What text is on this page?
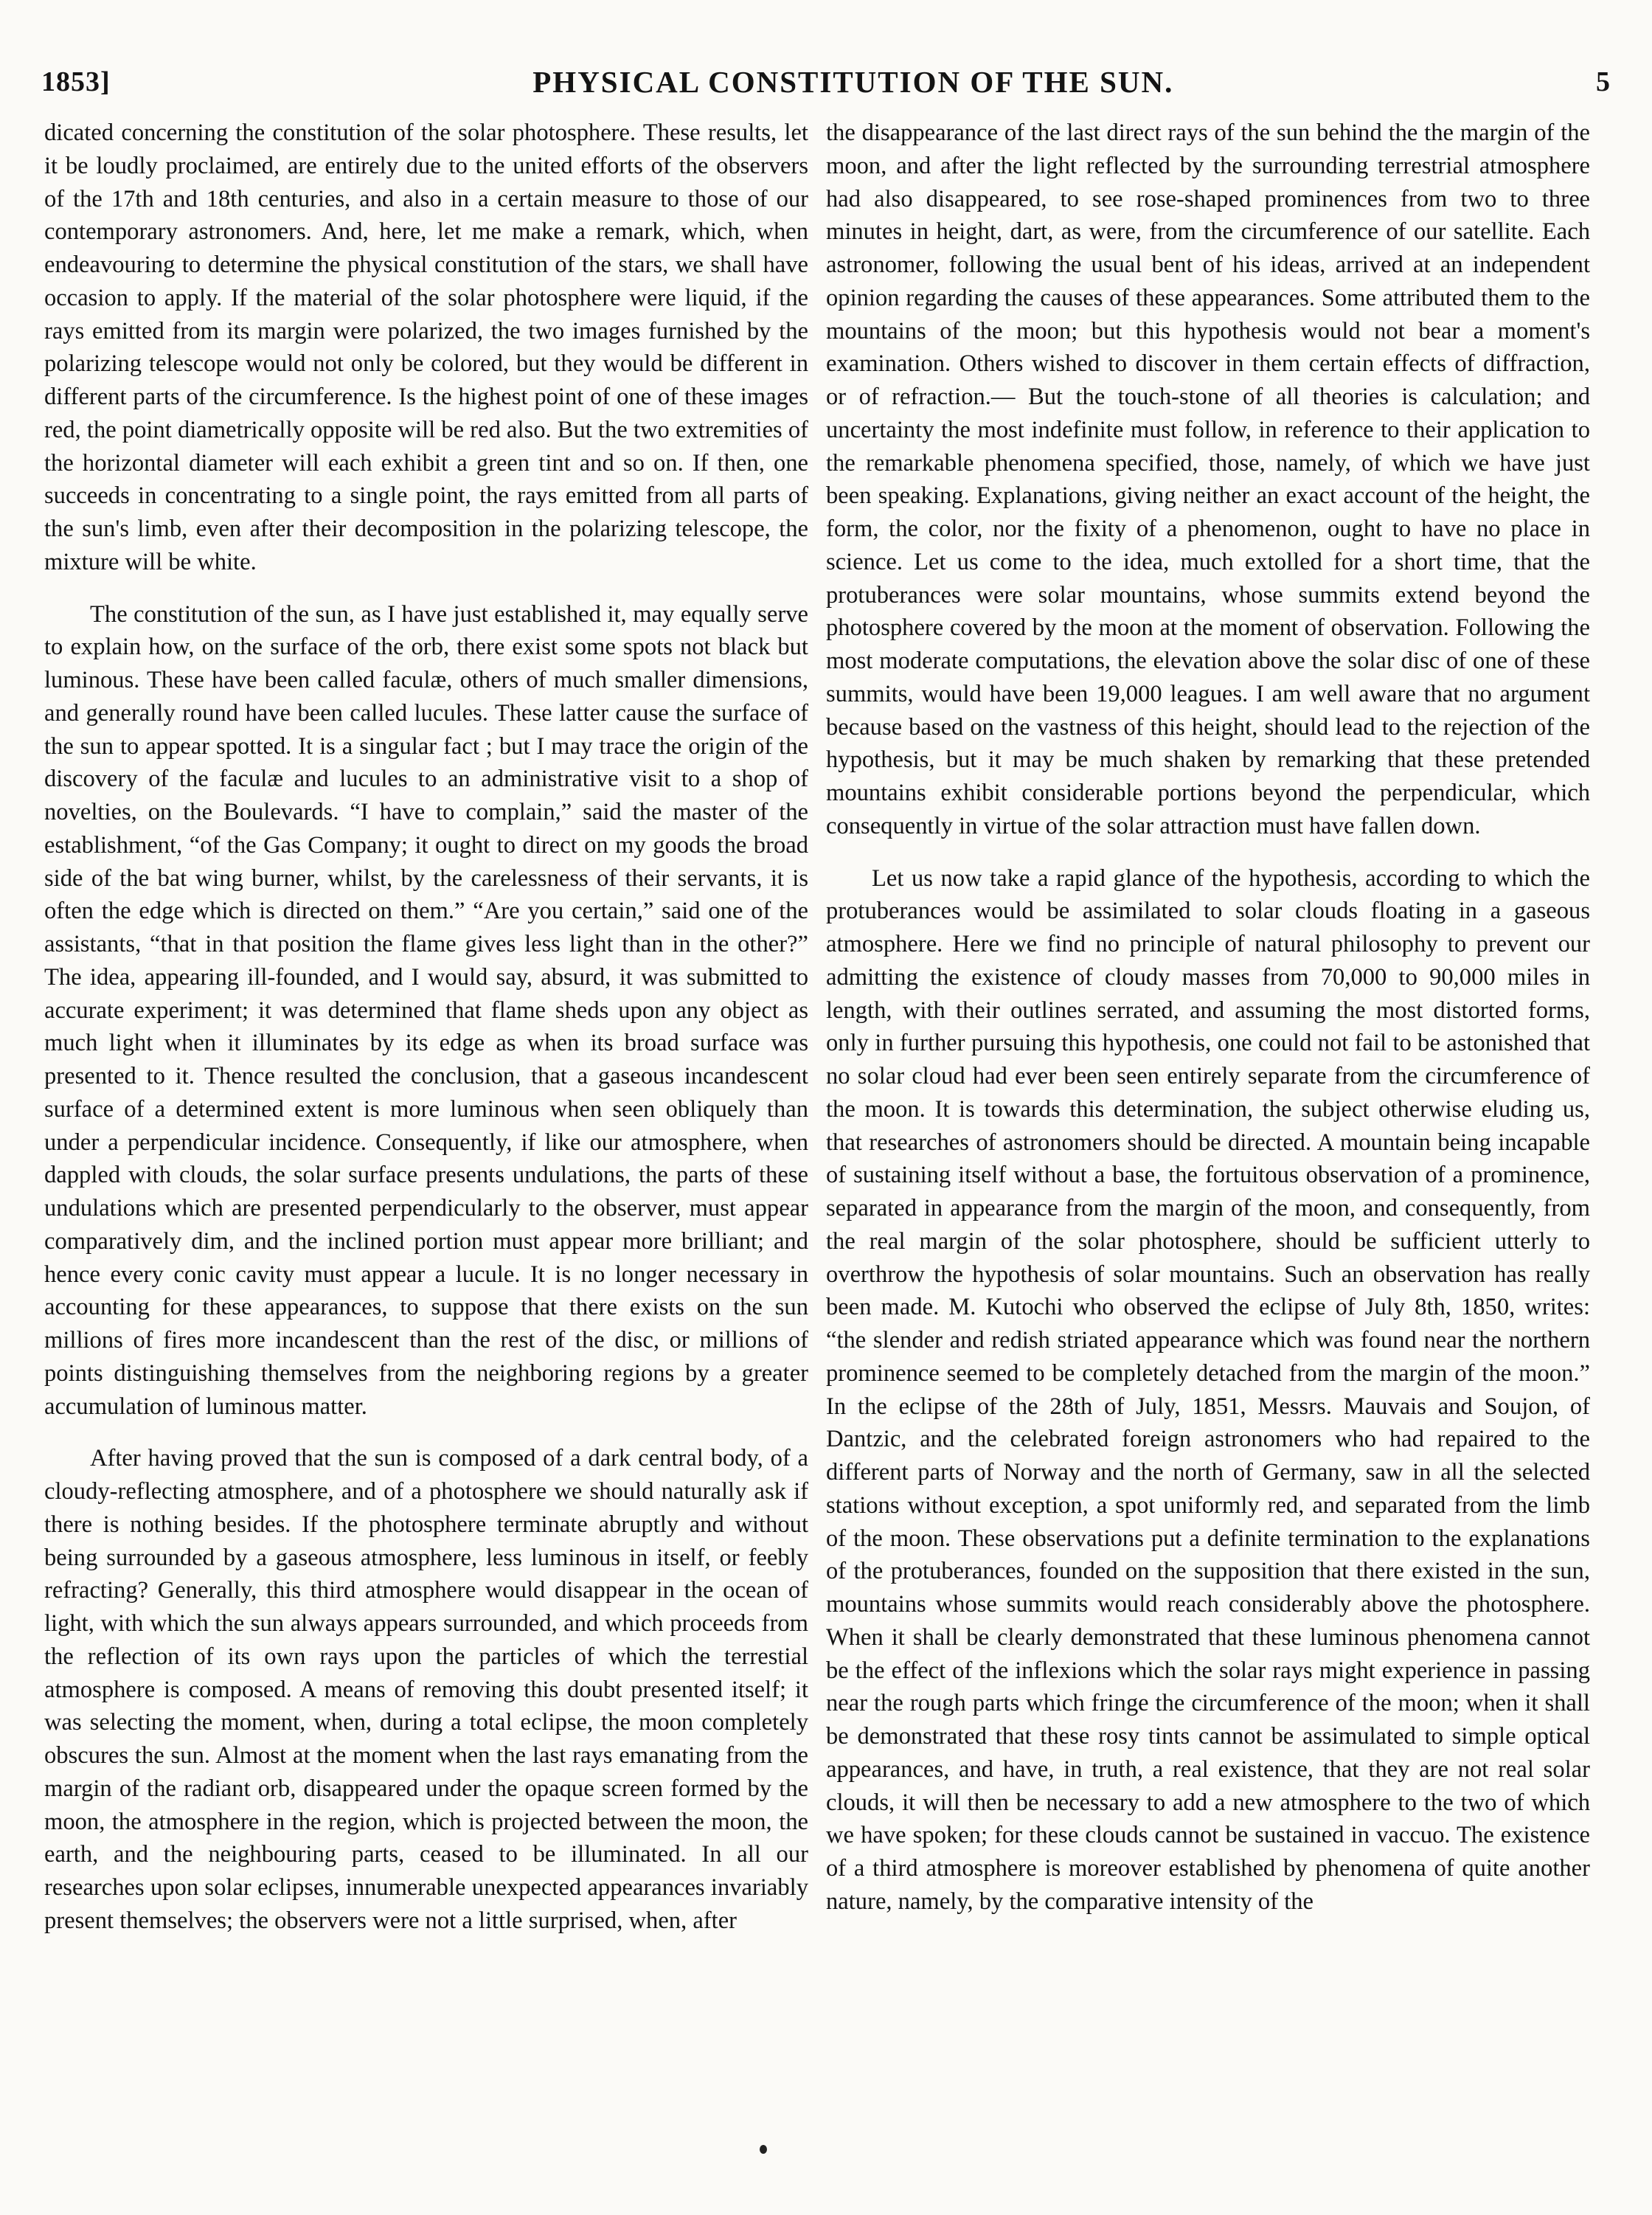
1853]	PHYSICAL CONSTITUTION OF THE SUN.	5

dicated concerning the constitution of the solar photosphere. These results, let it be loudly proclaimed, are entirely due to the united efforts of the observers of the 17th and 18th centuries, and also in a certain measure to those of our contemporary astronomers. And, here, let me make a remark, which, when endeavouring to determine the physical constitution of the stars, we shall have occasion to apply. If the material of the solar photosphere were liquid, if the rays emitted from its margin were polarized, the two images furnished by the polarizing telescope would not only be colored, but they would be different in different parts of the circumference. Is the highest point of one of these images red, the point diametrically opposite will be red also. But the two extremities of the horizontal diameter will each exhibit a green tint and so on. If then, one succeeds in concentrating to a single point, the rays emitted from all parts of the sun's limb, even after their decomposition in the polarizing telescope, the mixture will be white.

The constitution of the sun, as I have just established it, may equally serve to explain how, on the surface of the orb, there exist some spots not black but luminous. These have been called faculæ, others of much smaller dimensions, and generally round have been called lucules. These latter cause the surface of the sun to appear spotted. It is a singular fact ; but I may trace the origin of the discovery of the faculæ and lucules to an administrative visit to a shop of novelties, on the Boulevards. “I have to complain,” said the master of the establishment, “of the Gas Company; it ought to direct on my goods the broad side of the bat wing burner, whilst, by the carelessness of their servants, it is often the edge which is directed on them.” “Are you certain,” said one of the assistants, “that in that position the flame gives less light than in the other?” The idea, appearing ill-founded, and I would say, absurd, it was submitted to accurate experiment; it was determined that flame sheds upon any object as much light when it illuminates by its edge as when its broad surface was presented to it. Thence resulted the conclusion, that a gaseous incandescent surface of a determined extent is more luminous when seen obliquely than under a perpendicular incidence. Consequently, if like our atmosphere, when dappled with clouds, the solar surface presents undulations, the parts of these undulations which are presented perpendicularly to the observer, must appear comparatively dim, and the inclined portion must appear more brilliant; and hence every conic cavity must appear a lucule. It is no longer necessary in accounting for these appearances, to suppose that there exists on the sun millions of fires more incandescent than the rest of the disc, or millions of points distinguishing themselves from the neighboring regions by a greater accumulation of luminous matter.

After having proved that the sun is composed of a dark central body, of a cloudy-reflecting atmosphere, and of a photosphere we should naturally ask if there is nothing besides. If the photosphere terminate abruptly and without being surrounded by a gaseous atmosphere, less luminous in itself, or feebly refracting? Generally, this third atmosphere would disappear in the ocean of light, with which the sun always appears surrounded, and which proceeds from the reflection of its own rays upon the particles of which the terrestial atmosphere is composed. A means of removing this doubt presented itself; it was selecting the moment, when, during a total eclipse, the moon completely obscures the sun. Almost at the moment when the last rays emanating from the margin of the radiant orb, disappeared under the opaque screen formed by the moon, the atmosphere in the region, which is projected between the moon, the earth, and the neighbouring parts, ceased to be illuminated. In all our researches upon solar eclipses, innumerable unexpected appearances invariably present themselves; the observers were not a little surprised, when, after

the disappearance of the last direct rays of the sun behind the the margin of the moon, and after the light reflected by the surrounding terrestrial atmosphere had also disappeared, to see rose-shaped prominences from two to three minutes in height, dart, as were, from the circumference of our satellite. Each astronomer, following the usual bent of his ideas, arrived at an independent opinion regarding the causes of these appearances. Some attributed them to the mountains of the moon; but this hypothesis would not bear a moment's examination. Others wished to discover in them certain effects of diffraction, or of refraction.— But the touch-stone of all theories is calculation; and uncertainty the most indefinite must follow, in reference to their application to the remarkable phenomena specified, those, namely, of which we have just been speaking. Explanations, giving neither an exact account of the height, the form, the color, nor the fixity of a phenomenon, ought to have no place in science. Let us come to the idea, much extolled for a short time, that the protuberances were solar mountains, whose summits extend beyond the photosphere covered by the moon at the moment of observation. Following the most moderate computations, the elevation above the solar disc of one of these summits, would have been 19,000 leagues. I am well aware that no argument because based on the vastness of this height, should lead to the rejection of the hypothesis, but it may be much shaken by remarking that these pretended mountains exhibit considerable portions beyond the perpendicular, which consequently in virtue of the solar attraction must have fallen down.

Let us now take a rapid glance of the hypothesis, according to which the protuberances would be assimilated to solar clouds floating in a gaseous atmosphere. Here we find no principle of natural philosophy to prevent our admitting the existence of cloudy masses from 70,000 to 90,000 miles in length, with their outlines serrated, and assuming the most distorted forms, only in further pursuing this hypothesis, one could not fail to be astonished that no solar cloud had ever been seen entirely separate from the circumference of the moon. It is towards this determination, the subject otherwise eluding us, that researches of astronomers should be directed. A mountain being incapable of sustaining itself without a base, the fortuitous observation of a prominence, separated in appearance from the margin of the moon, and consequently, from the real margin of the solar photosphere, should be sufficient utterly to overthrow the hypothesis of solar mountains. Such an observation has really been made. M. Kutochi who observed the eclipse of July 8th, 1850, writes: “the slender and redish striated appearance which was found near the northern prominence seemed to be completely detached from the margin of the moon.” In the eclipse of the 28th of July, 1851, Messrs. Mauvais and Soujon, of Dantzic, and the celebrated foreign astronomers who had repaired to the different parts of Norway and the north of Germany, saw in all the selected stations without exception, a spot uniformly red, and separated from the limb of the moon. These observations put a definite termination to the explanations of the protuberances, founded on the supposition that there existed in the sun, mountains whose summits would reach considerably above the photosphere. When it shall be clearly demonstrated that these luminous phenomena cannot be the effect of the inflexions which the solar rays might experience in passing near the rough parts which fringe the circumference of the moon; when it shall be demonstrated that these rosy tints cannot be assimulated to simple optical appearances, and have, in truth, a real existence, that they are not real solar clouds, it will then be necessary to add a new atmosphere to the two of which we have spoken; for these clouds cannot be sustained in vaccuo. The existence of a third atmosphere is moreover established by phenomena of quite another nature, namely, by the comparative intensity of the
